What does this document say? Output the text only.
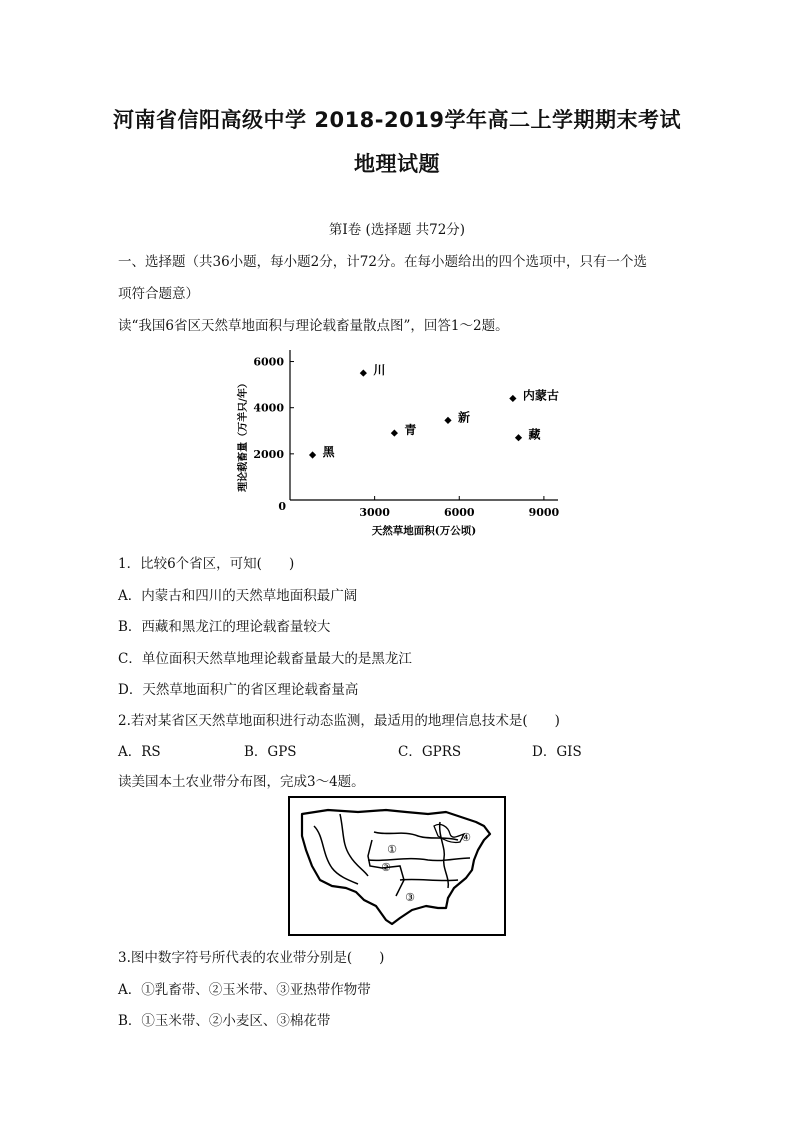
河南省信阳高级中学 2018-2019学年高二上学期期末考试
地理试题
第Ⅰ卷 (选择题 共72分)
一、选择题（共36小题，每小题2分，计72分。在每小题给出的四个选项中，只有一个选
项符合题意）
读“我国6省区天然草地面积与理论载畜量散点图”，回答1～2题。
0	3000	6000	9000
2000
4000
6000
天然草地面积(万公顷)
理论载畜量（万羊只/年）
川
内蒙古
新
青	藏
黑
1．比较6个省区，可知(　　)
A．内蒙古和四川的天然草地面积最广阔
B．西藏和黑龙江的理论载畜量较大
C．单位面积天然草地理论载畜量最大的是黑龙江
D．天然草地面积广的省区理论载畜量高
2.若对某省区天然草地面积进行动态监测，最适用的地理信息技术是(　　)
A．RS	B．GPS	C．GPRS	D．GIS
读美国本土农业带分布图，完成3～4题。
①
②
③
④
3.图中数字符号所代表的农业带分别是(　　)
A．①乳畜带、②玉米带、③亚热带作物带
B．①玉米带、②小麦区、③棉花带
